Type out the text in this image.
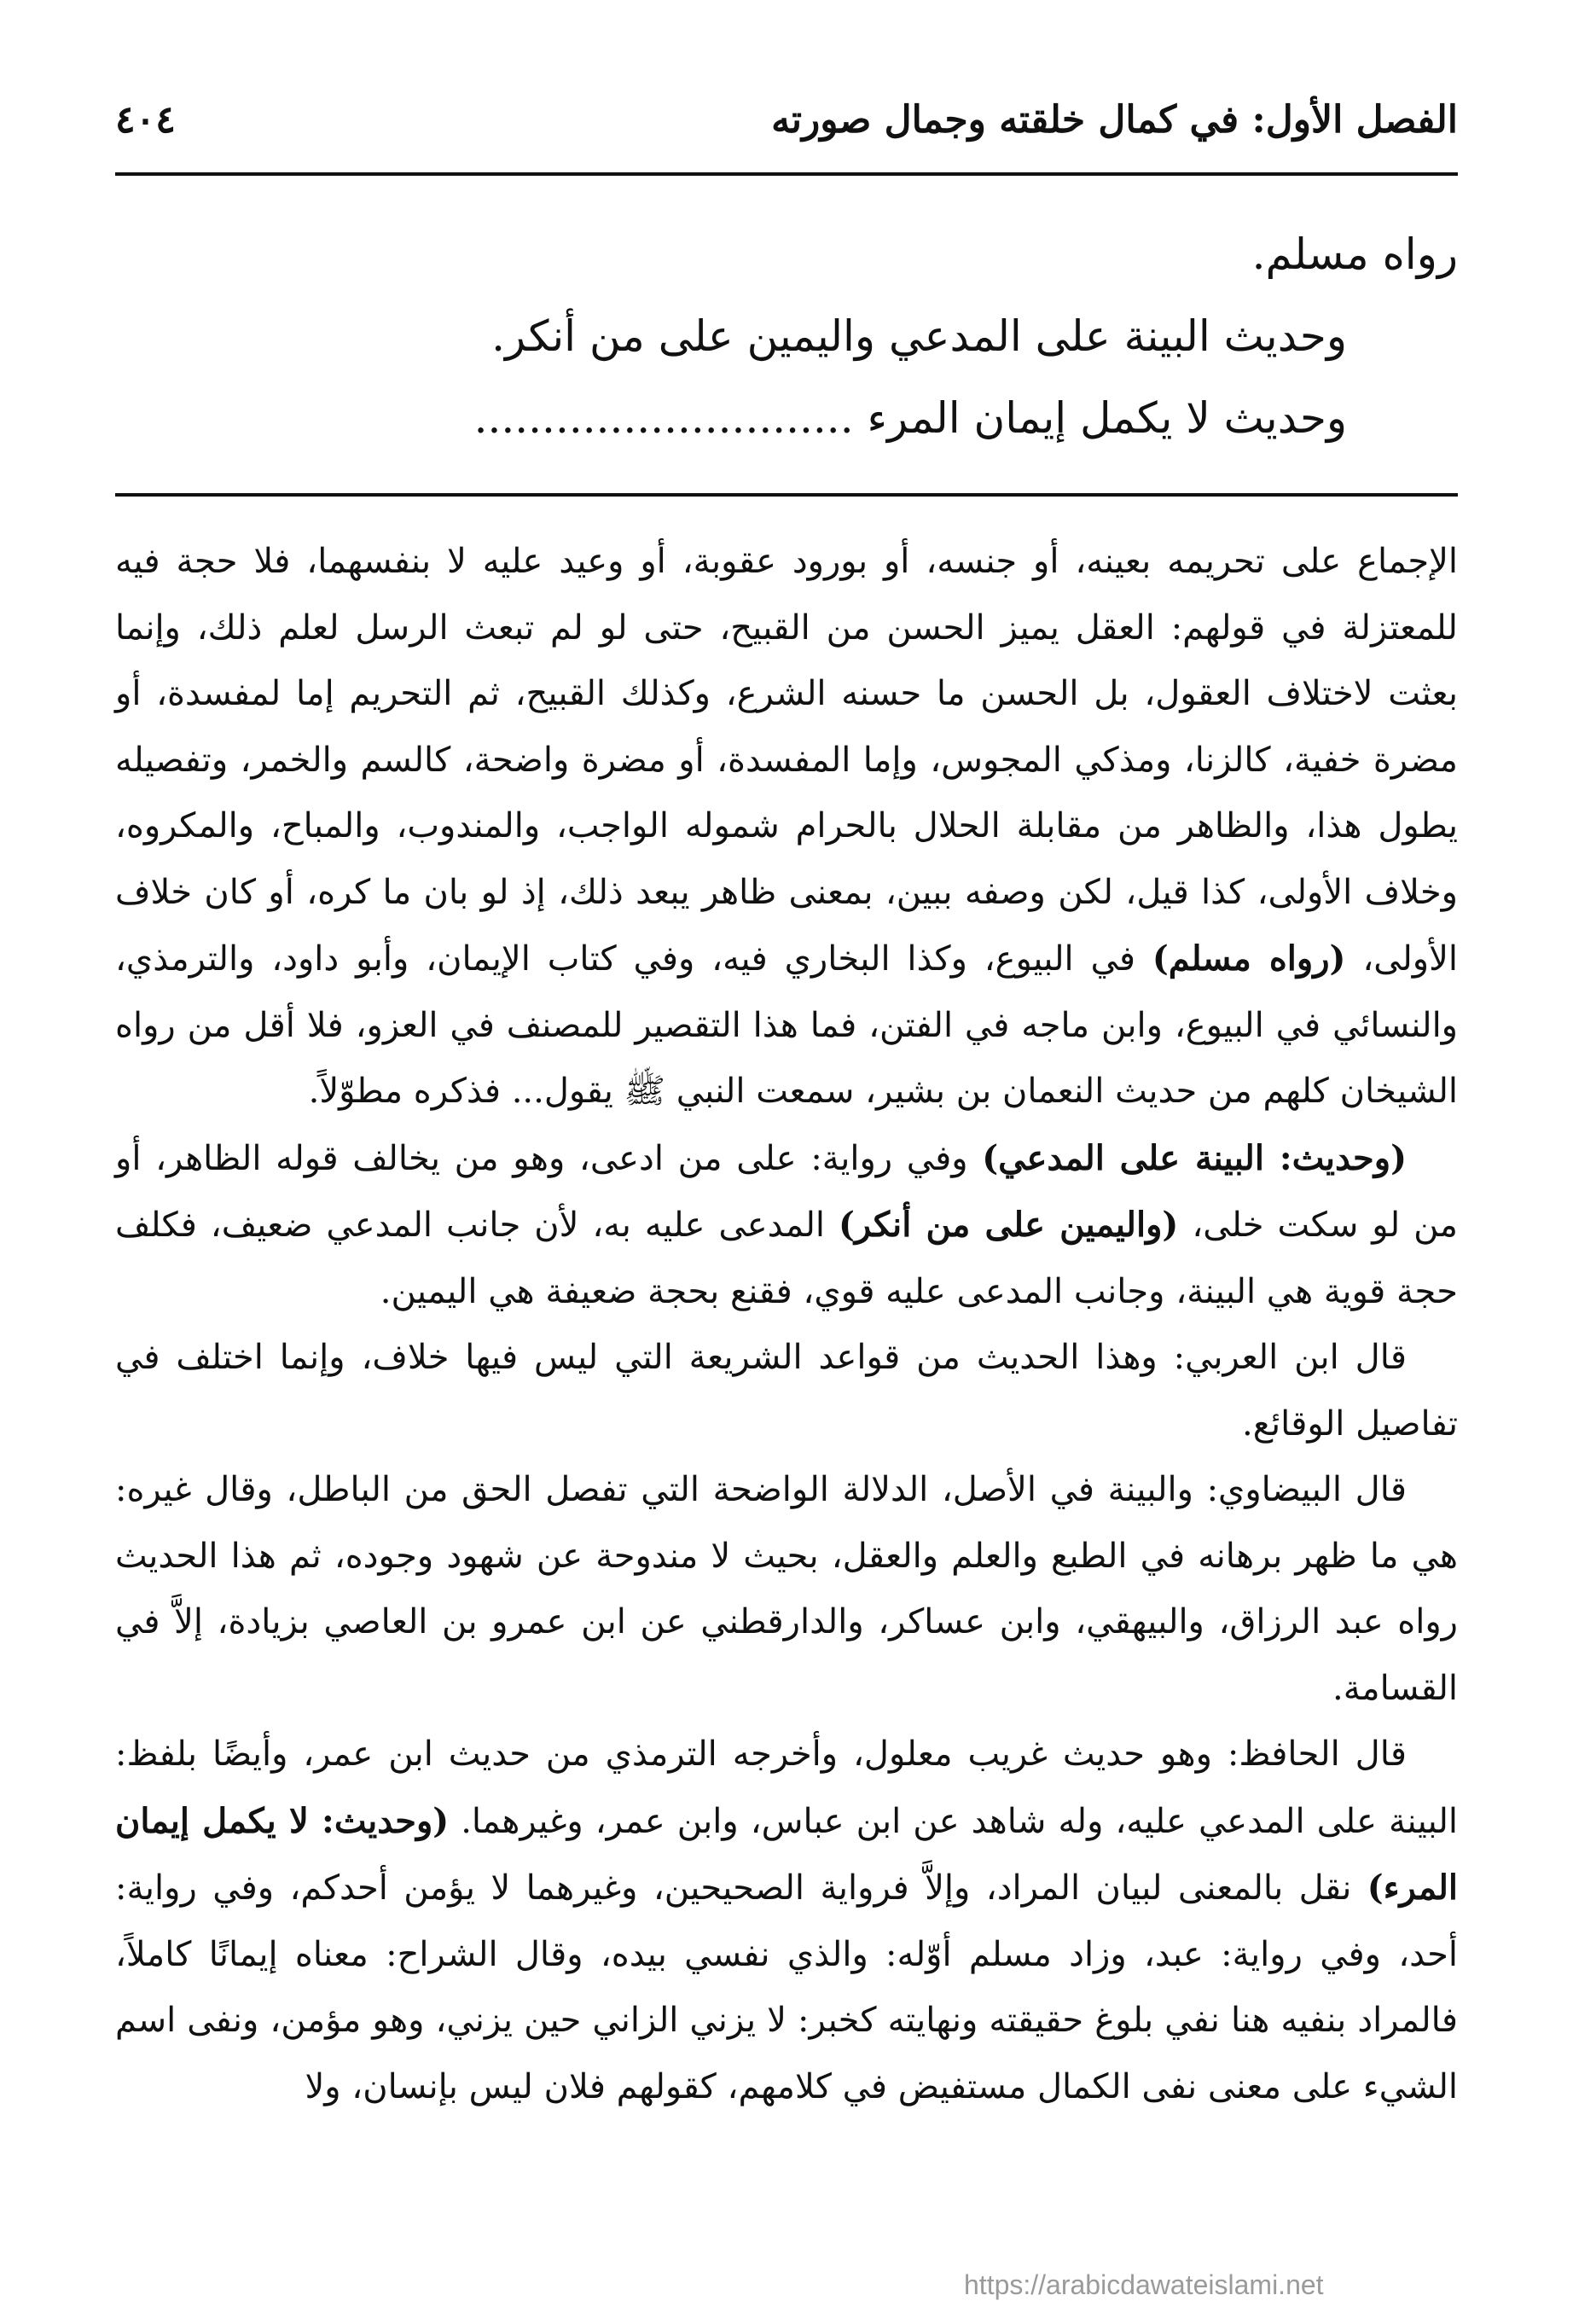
الفصل الأول: في كمال خلقته وجمال صورته
٤٠٤
رواه مسلم.
وحديث البينة على المدعي واليمين على من أنكر.
وحديث لا يكمل إيمان المرء ............................

الإجماع على تحريمه بعينه، أو جنسه، أو بورود عقوبة، أو وعيد عليه لا بنفسهما، فلا حجة فيه للمعتزلة في قولهم: العقل يميز الحسن من القبيح، حتى لو لم تبعث الرسل لعلم ذلك، وإنما بعثت لاختلاف العقول، بل الحسن ما حسنه الشرع، وكذلك القبيح، ثم التحريم إما لمفسدة، أو مضرة خفية، كالزنا، ومذكي المجوس، وإما المفسدة، أو مضرة واضحة، كالسم والخمر، وتفصيله يطول هذا، والظاهر من مقابلة الحلال بالحرام شموله الواجب، والمندوب، والمباح، والمكروه، وخلاف الأولى، كذا قيل، لكن وصفه ببين، بمعنى ظاهر يبعد ذلك، إذ لو بان ما كره، أو كان خلاف الأولى، (رواه مسلم) في البيوع، وكذا البخاري فيه، وفي كتاب الإيمان، وأبو داود، والترمذي، والنسائي في البيوع، وابن ماجه في الفتن، فما هذا التقصير للمصنف في العزو، فلا أقل من رواه الشيخان كلهم من حديث النعمان بن بشير، سمعت النبي ﷺ يقول... فذكره مطوّلاً.

(وحديث: البينة على المدعي) وفي رواية: على من ادعى، وهو من يخالف قوله الظاهر، أو من لو سكت خلى، (واليمين على من أنكر) المدعى عليه به، لأن جانب المدعي ضعيف، فكلف حجة قوية هي البينة، وجانب المدعى عليه قوي، فقنع بحجة ضعيفة هي اليمين.

قال ابن العربي: وهذا الحديث من قواعد الشريعة التي ليس فيها خلاف، وإنما اختلف في تفاصيل الوقائع.

قال البيضاوي: والبينة في الأصل، الدلالة الواضحة التي تفصل الحق من الباطل، وقال غيره: هي ما ظهر برهانه في الطبع والعلم والعقل، بحيث لا مندوحة عن شهود وجوده، ثم هذا الحديث رواه عبد الرزاق، والبيهقي، وابن عساكر، والدارقطني عن ابن عمرو بن العاصي بزيادة، إلاَّ في القسامة.

قال الحافظ: وهو حديث غريب معلول، وأخرجه الترمذي من حديث ابن عمر، وأيضًا بلفظ: البينة على المدعي عليه، وله شاهد عن ابن عباس، وابن عمر، وغيرهما. (وحديث: لا يكمل إيمان المرء) نقل بالمعنى لبيان المراد، وإلاَّ فرواية الصحيحين، وغيرهما لا يؤمن أحدكم، وفي رواية: أحد، وفي رواية: عبد، وزاد مسلم أوّله: والذي نفسي بيده، وقال الشراح: معناه إيمانًا كاملاً، فالمراد بنفيه هنا نفي بلوغ حقيقته ونهايته كخبر: لا يزني الزاني حين يزني، وهو مؤمن، ونفى اسم الشيء على معنى نفى الكمال مستفيض في كلامهم، كقولهم فلان ليس بإنسان، ولا

https://arabicdawateislami.net
